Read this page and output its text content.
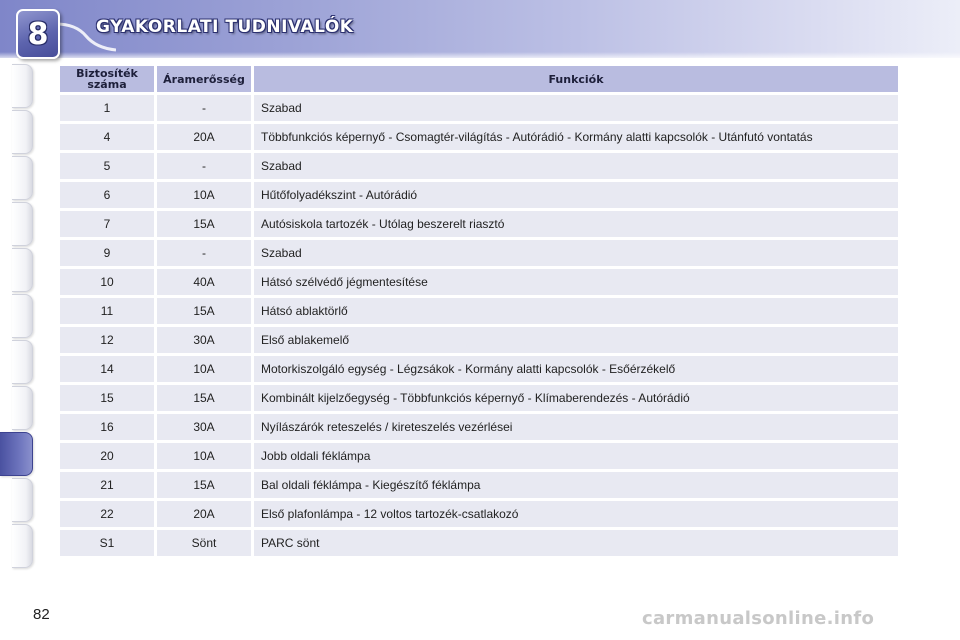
8	GYAKORLATI TUDNIVALÓK
Biztosíték
száma	Áramerősség	Funkciók
1	-	Szabad
4	20A	Többfunkciós képernyő - Csomagtér-világítás - Autórádió - Kormány alatti kapcsolók - Utánfutó vontatás
5	-	Szabad
6	10A	Hűtőfolyadékszint - Autórádió
7	15A	Autósiskola tartozék - Utólag beszerelt riasztó
9	-	Szabad
10	40A	Hátsó szélvédő jégmentesítése
11	15A	Hátsó ablaktörlő
12	30A	Első ablakemelő
14	10A	Motorkiszolgáló egység - Légzsákok - Kormány alatti kapcsolók - Esőérzékelő
15	15A	Kombinált kijelzőegység - Többfunkciós képernyő - Klímaberendezés - Autórádió
16	30A	Nyílászárók reteszelés / kireteszelés vezérlései
20	10A	Jobb oldali féklámpa
21	15A	Bal oldali féklámpa - Kiegészítő féklámpa
22	20A	Első plafonlámpa - 12 voltos tartozék-csatlakozó
S1	Sönt	PARC sönt
82	carmanualsonline.info
